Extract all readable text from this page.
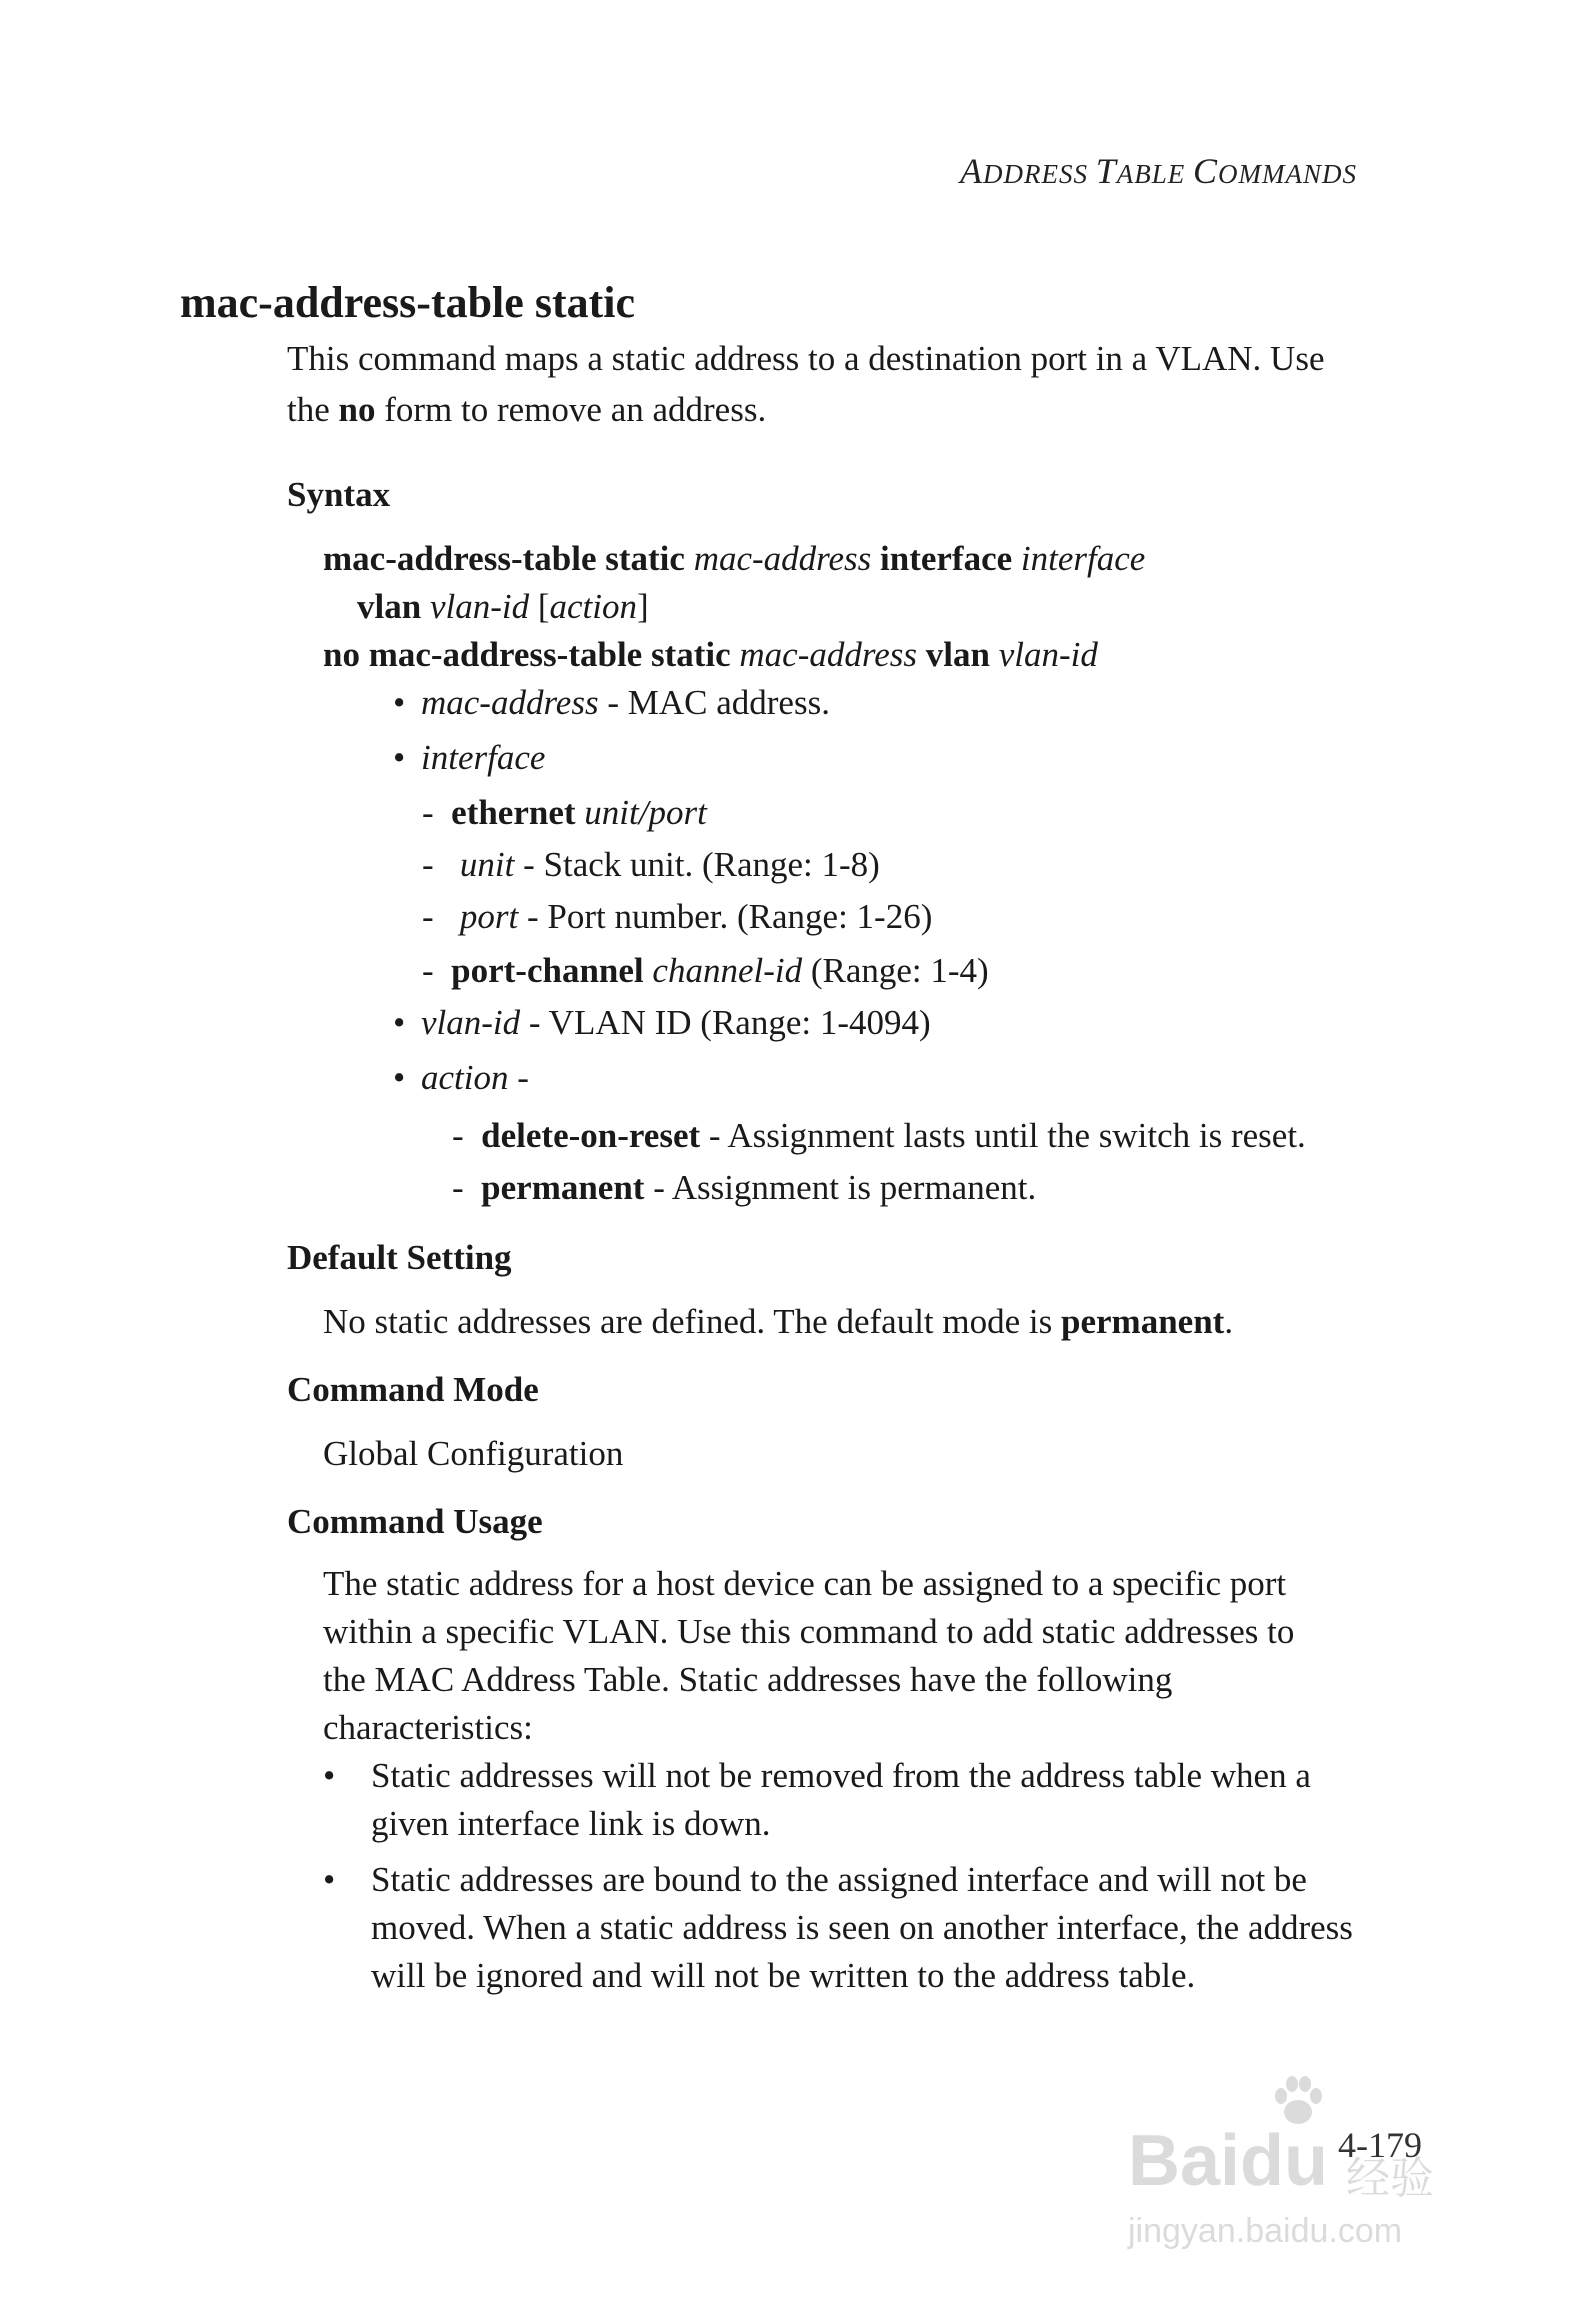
ADDRESS TABLE COMMANDS
mac-address-table static
This command maps a static address to a destination port in a VLAN. Use
the no form to remove an address.
Syntax
mac-address-table static mac-address interface interface
vlan vlan-id [action]
no mac-address-table static mac-address vlan vlan-id
• mac-address - MAC address.
• interface
- ethernet unit/port
- unit - Stack unit. (Range: 1-8)
- port - Port number. (Range: 1-26)
- port-channel channel-id (Range: 1-4)
• vlan-id - VLAN ID (Range: 1-4094)
• action -
- delete-on-reset - Assignment lasts until the switch is reset.
- permanent - Assignment is permanent.
Default Setting
No static addresses are defined. The default mode is permanent.
Command Mode
Global Configuration
Command Usage
The static address for a host device can be assigned to a specific port
within a specific VLAN. Use this command to add static addresses to
the MAC Address Table. Static addresses have the following
characteristics:
• Static addresses will not be removed from the address table when a
given interface link is down.
• Static addresses are bound to the assigned interface and will not be
moved. When a static address is seen on another interface, the address
will be ignored and will not be written to the address table.
Baidu 经验
jingyan.baidu.com
4-179
